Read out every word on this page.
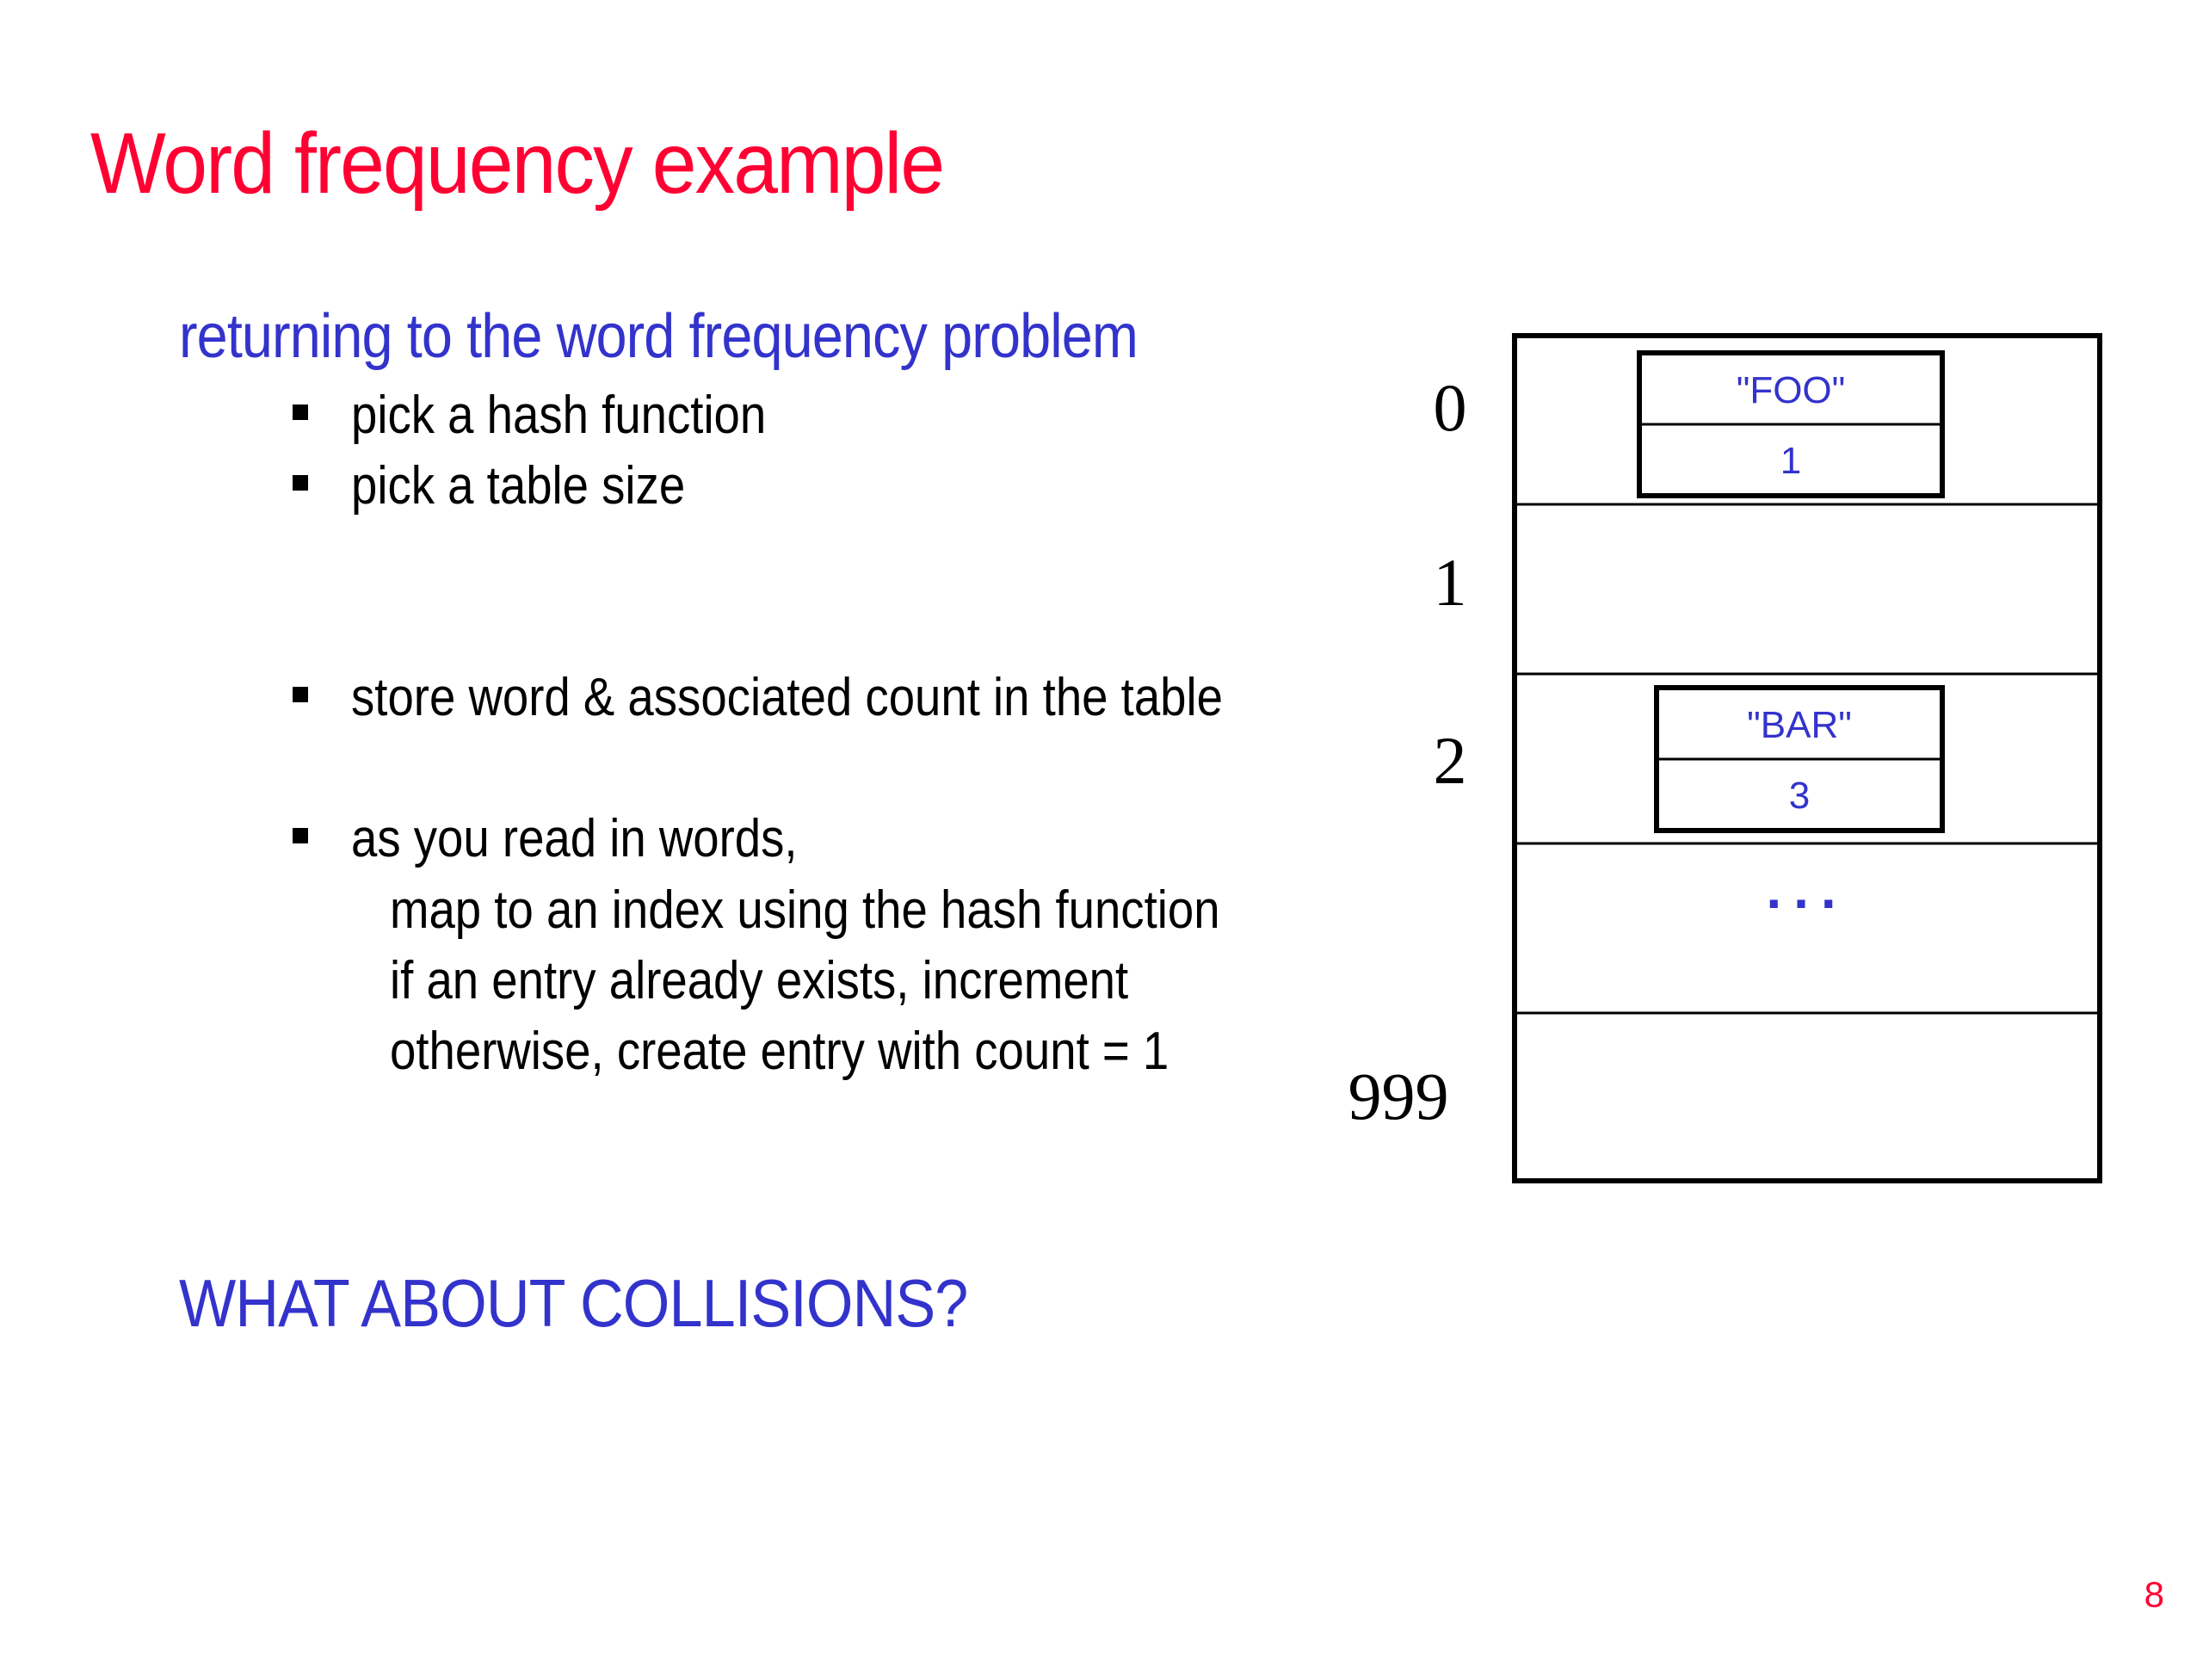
Word frequency example
returning to the word frequency problem
pick a hash function
pick a table size
store word & associated count in the table
as you read in words,
map to an index using the hash function
if an entry already exists, increment
otherwise, create entry with count = 1
WHAT ABOUT COLLISIONS?
8
0
1
2
999
"FOO"
1
"BAR"
3
...
